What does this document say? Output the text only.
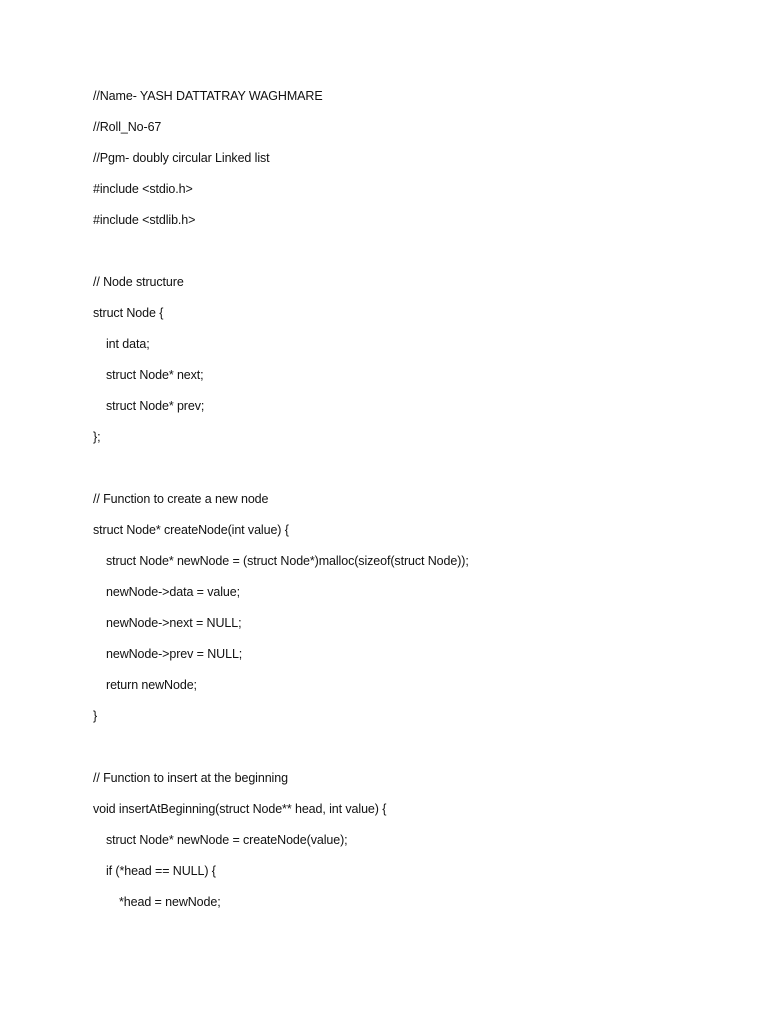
//Name- YASH DATTATRAY WAGHMARE
//Roll_No-67
//Pgm- doubly circular Linked list
#include <stdio.h>
#include <stdlib.h>
// Node structure
struct Node {
int data;
struct Node* next;
struct Node* prev;
};
// Function to create a new node
struct Node* createNode(int value) {
struct Node* newNode = (struct Node*)malloc(sizeof(struct Node));
newNode->data = value;
newNode->next = NULL;
newNode->prev = NULL;
return newNode;
}
// Function to insert at the beginning
void insertAtBeginning(struct Node** head, int value) {
struct Node* newNode = createNode(value);
if (*head == NULL) {
*head = newNode;
